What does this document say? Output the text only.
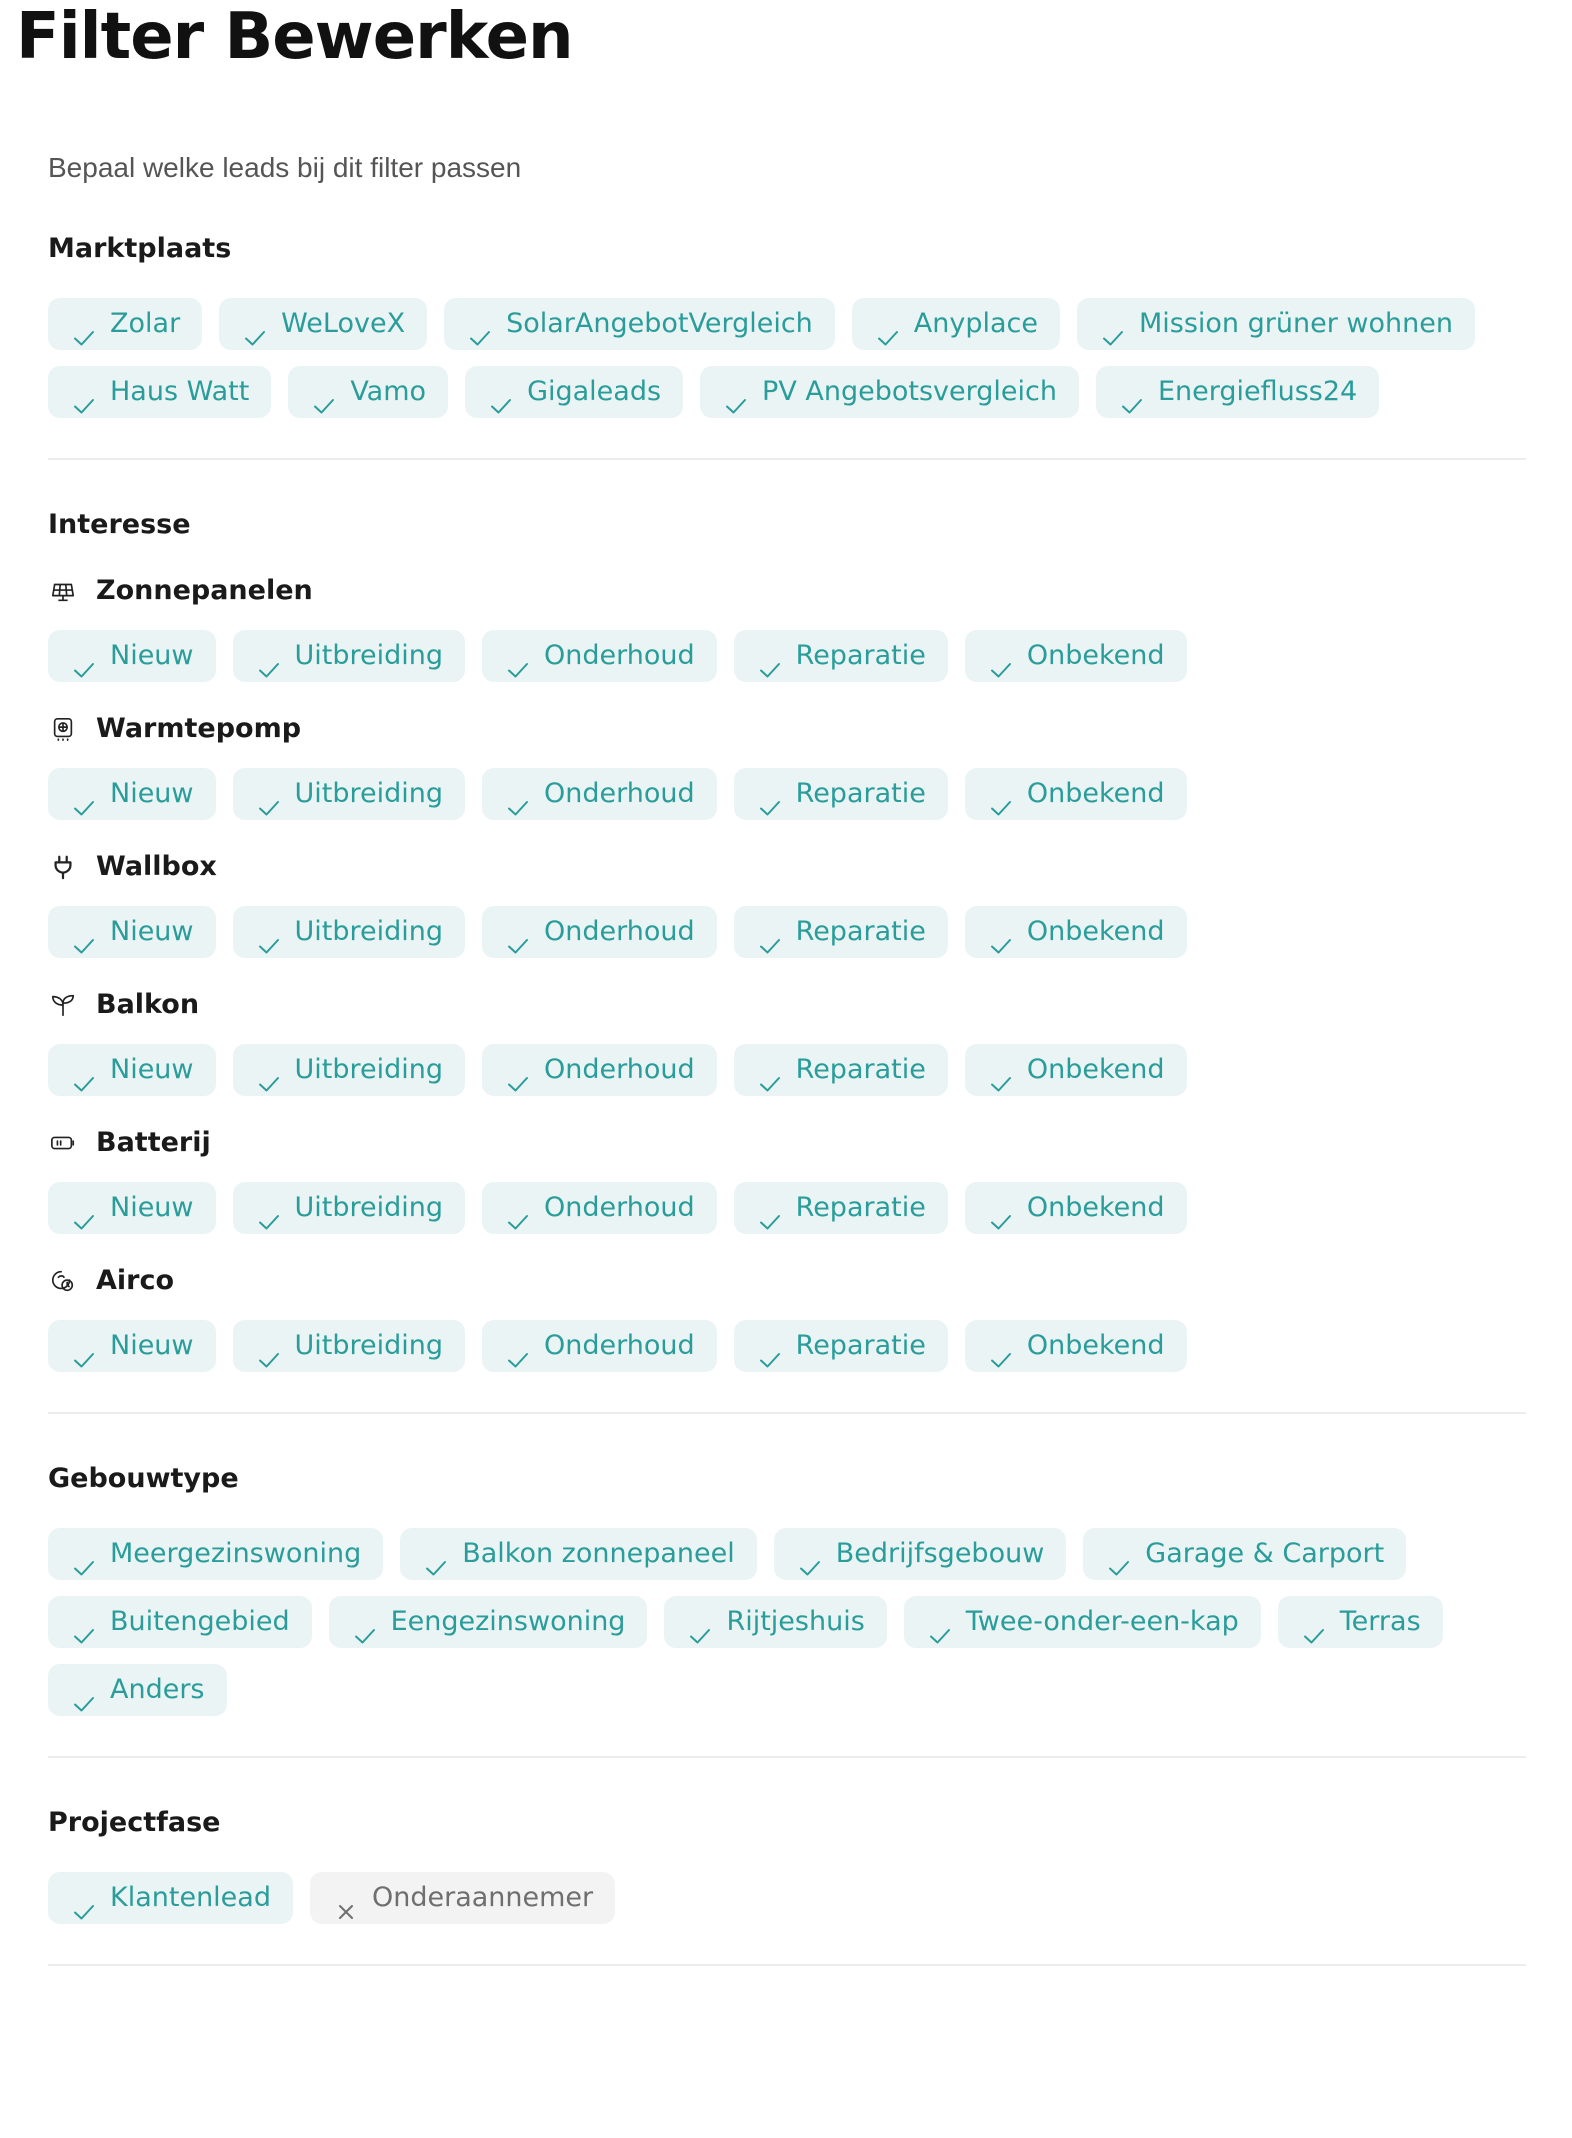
Filter Bewerken

Bepaal welke leads bij dit filter passen

Marktplaats
Zolar	WeLoveX	SolarAngebotVergleich	Anyplace	Mission grüner wohnen
Haus Watt	Vamo	Gigaleads	PV Angebotsvergleich	Energiefluss24
Interesse
Zonnepanelen
Nieuw	Uitbreiding	Onderhoud	Reparatie	Onbekend
Warmtepomp
Nieuw	Uitbreiding	Onderhoud	Reparatie	Onbekend
Wallbox
Nieuw	Uitbreiding	Onderhoud	Reparatie	Onbekend
Balkon
Nieuw	Uitbreiding	Onderhoud	Reparatie	Onbekend
Batterij
Nieuw	Uitbreiding	Onderhoud	Reparatie	Onbekend
Airco
Nieuw	Uitbreiding	Onderhoud	Reparatie	Onbekend
Gebouwtype
Meergezinswoning	Balkon zonnepaneel	Bedrijfsgebouw	Garage & Carport
Buitengebied	Eengezinswoning	Rijtjeshuis	Twee-onder-een-kap	Terras
Anders
Projectfase
Klantenlead	Onderaannemer
